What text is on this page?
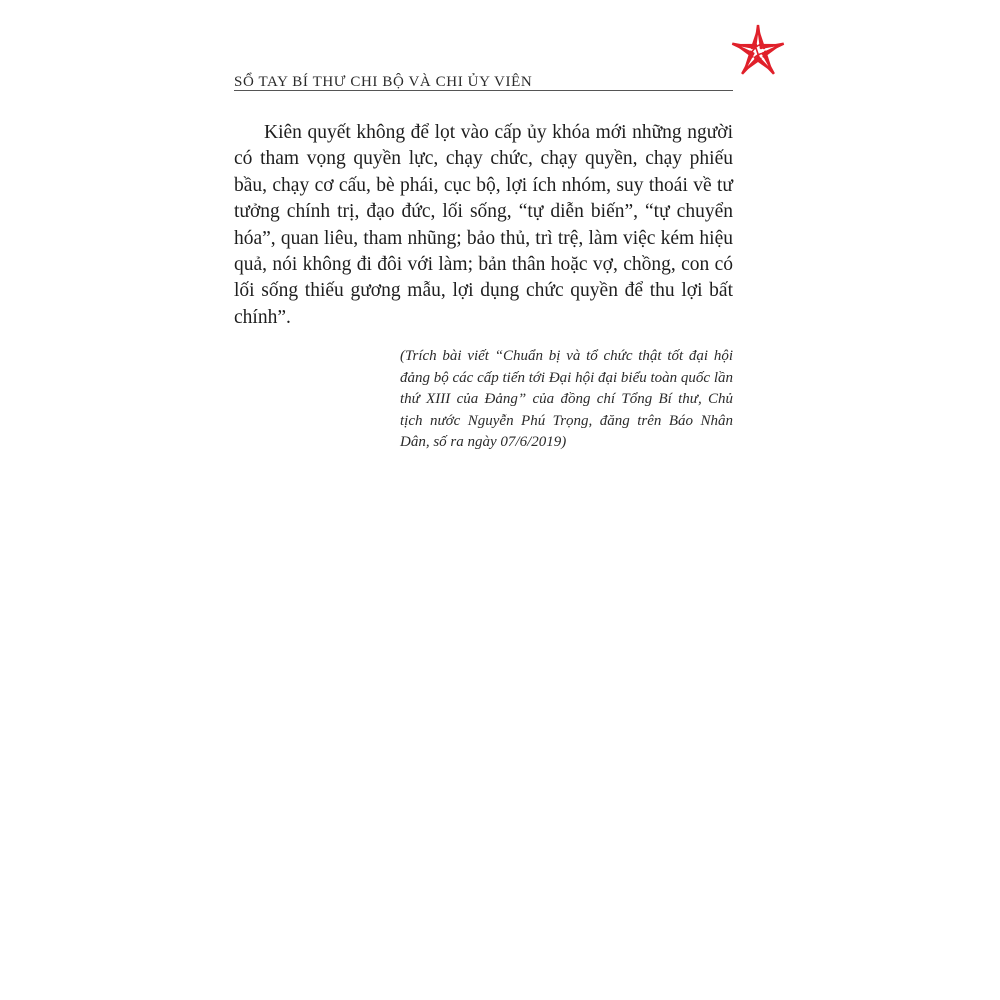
SỔ TAY BÍ THƯ CHI BỘ VÀ CHI ỦY VIÊN

Kiên quyết không để lọt vào cấp ủy khóa mới những người có tham vọng quyền lực, chạy chức, chạy quyền, chạy phiếu bầu, chạy cơ cấu, bè phái, cục bộ, lợi ích nhóm, suy thoái về tư tưởng chính trị, đạo đức, lối sống, “tự diễn biến”, “tự chuyển hóa”, quan liêu, tham nhũng; bảo thủ, trì trệ, làm việc kém hiệu quả, nói không đi đôi với làm; bản thân hoặc vợ, chồng, con có lối sống thiếu gương mẫu, lợi dụng chức quyền để thu lợi bất chính”.

(Trích bài viết “Chuẩn bị và tổ chức thật tốt đại hội đảng bộ các cấp tiến tới Đại hội đại biểu toàn quốc lần thứ XIII của Đảng” của đồng chí Tổng Bí thư, Chủ tịch nước Nguyễn Phú Trọng, đăng trên Báo Nhân Dân, số ra ngày 07/6/2019)
